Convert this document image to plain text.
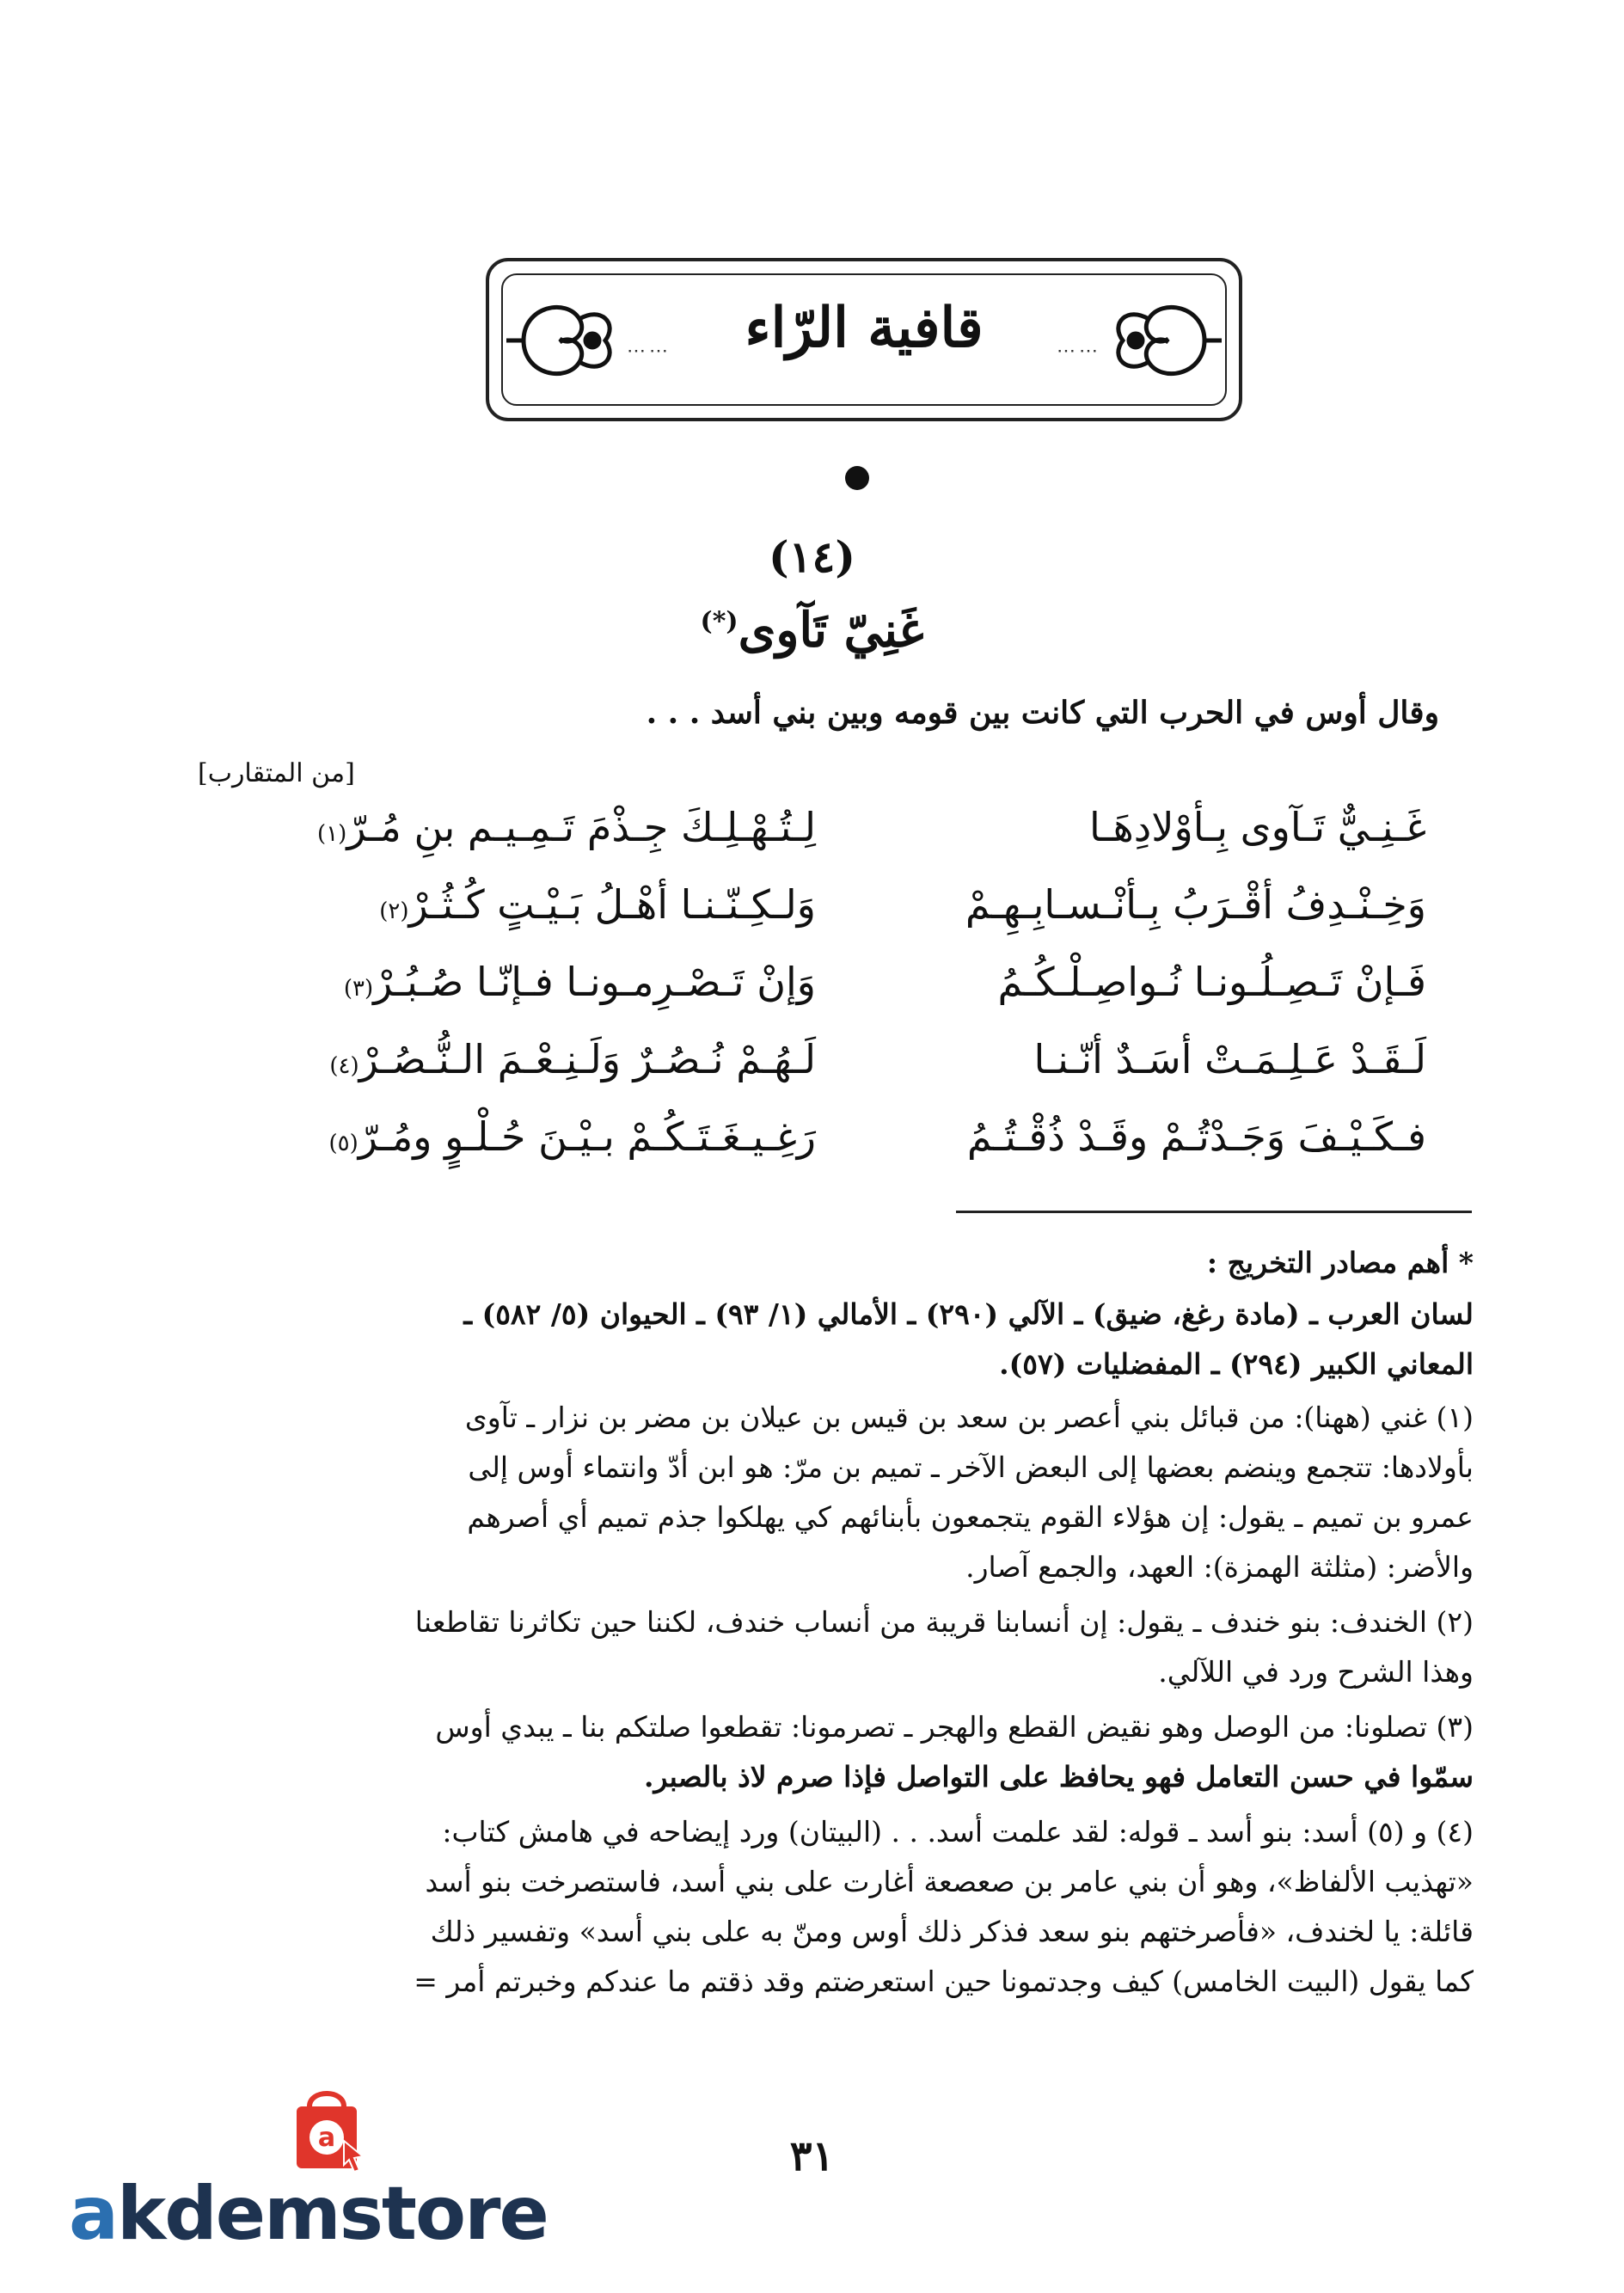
⋯⋯	⋯⋯
قافية الرّاء
(١٤)
غَنِيّ تَآوى(*)
وقال أوس في الحرب التي كانت بين قومه وبين بني أسد . . .
[من المتقارب]
غَـنِـيٌّ تَـآوى بِـأوْلادِهَـا
لِـتُـهْـلِـكَ جِـذْمَ تَـمِـيـم بنِ مُـرّ(١)
وَخِـنْـدِفُ أقْـرَبُ بِـأنْـسـابِـهِـمْ
وَلـكِـنّـنـا أهْـلُ بَـيْـتٍ كُـثُـرْ(٢)
فَـإنْ تَـصِـلُـونـا نُـواصِـلْـكُـمُ
وَإنْ تَـصْـرِمـونـا فـإنّـا صُـبُـرْ(٣)
لَـقَـدْ عَـلِـمَـتْ أسَـدٌ أنّـنـا
لَـهُـمْ نُـصُـرٌ وَلَـنِـعْـمَ الـنُّـصُـرْ(٤)
فـكَـيْـفَ وَجَـدْتُـمْ وقَـدْ ذُقْـتُـمُ
رَغِـيـغَـتَـكُـمْ بـيْـنَ حُـلْـوٍ ومُـرّ(٥)
* أهم مصادر التخريج :
لسان العرب ـ (مادة رغغ، ضيق) ـ الآلي (٢٩٠) ـ الأمالي (١/ ٩٣) ـ الحيوان (٥/ ٥٨٢) ـ
المعاني الكبير (٢٩٤) ـ المفضليات (٥٧).
(١) غني (ههنا): من قبائل بني أعصر بن سعد بن قيس بن عيلان بن مضر بن نزار ـ تآوى
بأولادها: تتجمع وينضم بعضها إلى البعض الآخر ـ تميم بن مرّ: هو ابن أدّ وانتماء أوس إلى
عمرو بن تميم ـ يقول: إن هؤلاء القوم يتجمعون بأبنائهم كي يهلكوا جذم تميم أي أصرهم
والأضر: (مثلثة الهمزة): العهد، والجمع آصار.
(٢) الخندف: بنو خندف ـ يقول: إن أنسابنا قريبة من أنساب خندف، لكننا حين تكاثرنا تقاطعنا
وهذا الشرح ورد في اللآلي.
(٣) تصلونا: من الوصل وهو نقيض القطع والهجر ـ تصرمونا: تقطعوا صلتكم بنا ـ يبدي أوس
سمّوا في حسن التعامل فهو يحافظ على التواصل فإذا صرم لاذ بالصبر.
(٤) و (٥) أسد: بنو أسد ـ قوله: لقد علمت أسد. . . (البيتان) ورد إيضاحه في هامش كتاب:
«تهذيب الألفاظ»، وهو أن بني عامر بن صعصعة أغارت على بني أسد، فاستصرخت بنو أسد
قائلة: يا لخندف، «فأصرختهم بنو سعد فذكر ذلك أوس ومنّ به على بني أسد» وتفسير ذلك
كما يقول (البيت الخامس) كيف وجدتمونا حين استعرضتم وقد ذقتم ما عندكم وخبرتم أمر =
٣١
a
akdemstore
